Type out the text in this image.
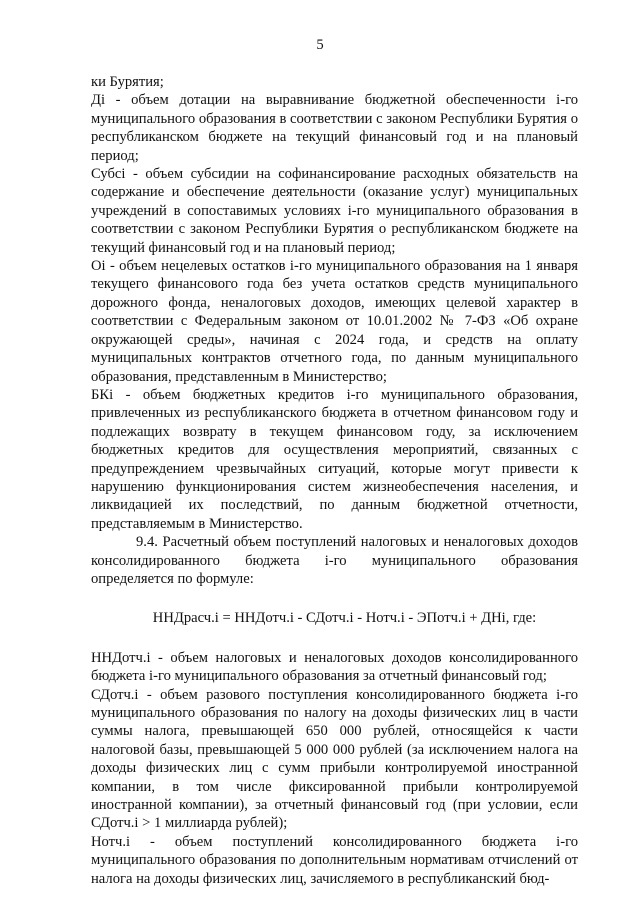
5

ки Бурятия;

Дi - объем дотации на выравнивание бюджетной обеспеченности i-го муниципального образования в соответствии с законом Республики Бурятия о республиканском бюджете на текущий финансовый год и на плановый период;

Субсi - объем субсидии на софинансирование расходных обязательств на содержание и обеспечение деятельности (оказание услуг) муниципальных учреждений в сопоставимых условиях i-го муниципального образования в соответствии с законом Республики Бурятия о республиканском бюджете на текущий финансовый год и на плановый период;

Оi - объем нецелевых остатков i-го муниципального образования на 1 января текущего финансового года без учета остатков средств муниципального дорожного фонда, неналоговых доходов, имеющих целевой характер в соответствии с Федеральным законом от 10.01.2002 № 7-ФЗ «Об охране окружающей среды», начиная с 2024 года, и средств на оплату муниципальных контрактов отчетного года, по данным муниципального образования, представленным в Министерство;

БКi - объем бюджетных кредитов i-го муниципального образования, привлеченных из республиканского бюджета в отчетном финансовом году и подлежащих возврату в текущем финансовом году, за исключением бюджетных кредитов для осуществления мероприятий, связанных с предупреждением чрезвычайных ситуаций, которые могут привести к нарушению функционирования систем жизнеобеспечения населения, и ликвидацией их последствий, по данным бюджетной отчетности, представляемым в Министерство.

9.4. Расчетный объем поступлений налоговых и неналоговых доходов консолидированного бюджета i-го муниципального образования определяется по формуле:

ННДрасч.i = ННДотч.i - СДотч.i - Нотч.i - ЭПотч.i + ДНi, где:

ННДотч.i - объем налоговых и неналоговых доходов консолидированного бюджета i-го муниципального образования за отчетный финансовый год;

СДотч.i - объем разового поступления консолидированного бюджета i-го муниципального образования по налогу на доходы физических лиц в части суммы налога, превышающей 650 000 рублей, относящейся к части налоговой базы, превышающей 5 000 000 рублей (за исключением налога на доходы физических лиц с сумм прибыли контролируемой иностранной компании, в том числе фиксированной прибыли контролируемой иностранной компании), за отчетный финансовый год (при условии, если СДотч.i > 1 миллиарда рублей);

Нотч.i - объем поступлений консолидированного бюджета i-го муниципального образования по дополнительным нормативам отчислений от налога на доходы физических лиц, зачисляемого в республиканский бюд-
